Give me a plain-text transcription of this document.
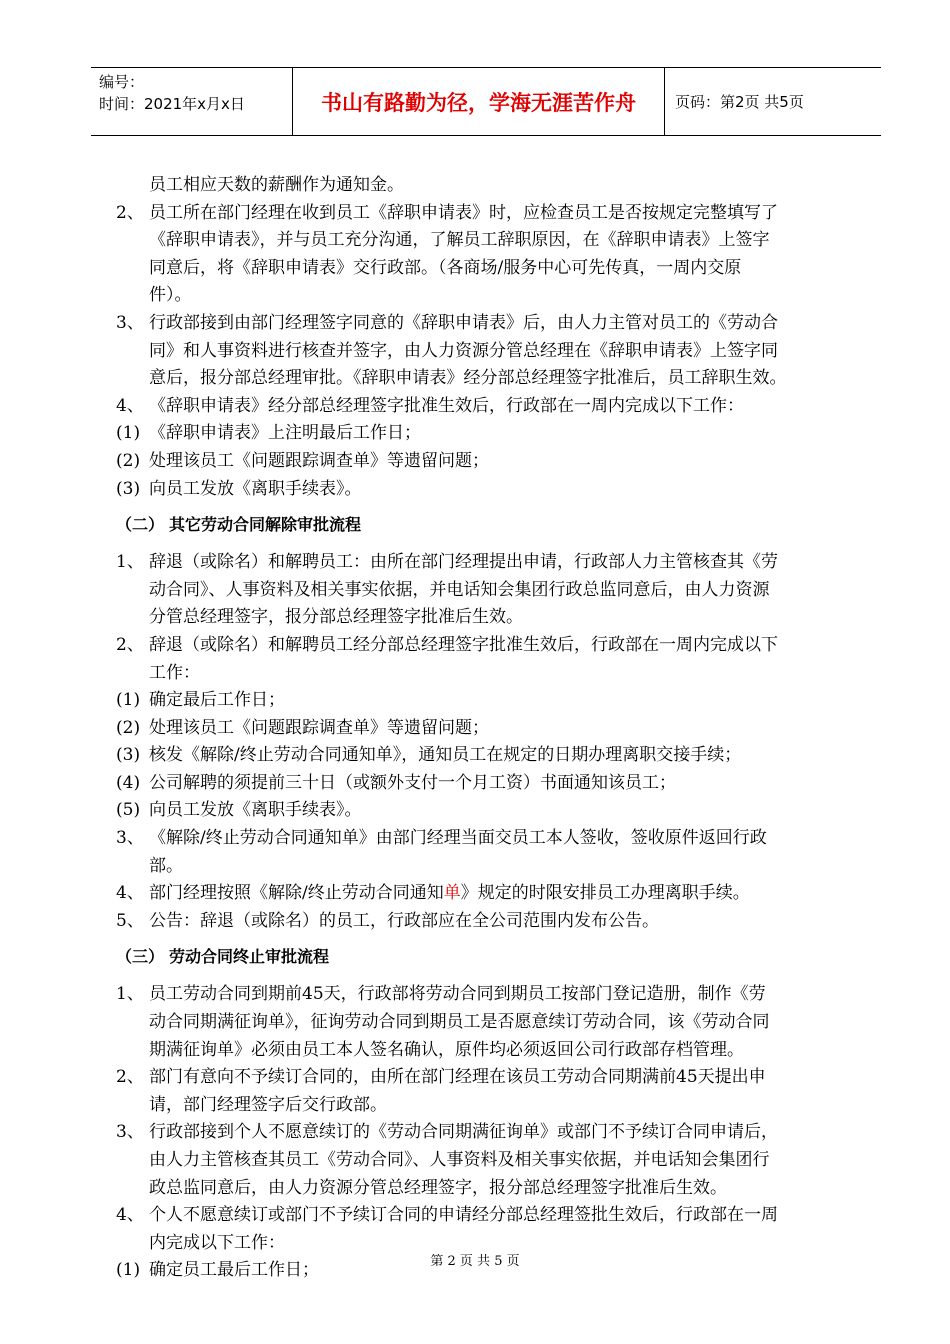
编号：
时间：2021年x月x日	书山有路勤为径，学海无涯苦作舟	页码：第2页 共5页
员工相应天数的薪酬作为通知金。
2、 员工所在部门经理在收到员工《辞职申请表》时，应检查员工是否按规定完整填写了
《辞职申请表》，并与员工充分沟通，了解员工辞职原因，在《辞职申请表》上签字
同意后，将《辞职申请表》交行政部。（各商场/服务中心可先传真，一周内交原
件）。
3、 行政部接到由部门经理签字同意的《辞职申请表》后，由人力主管对员工的《劳动合
同》和人事资料进行核查并签字，由人力资源分管总经理在《辞职申请表》上签字同
意后，报分部总经理审批。《辞职申请表》经分部总经理签字批准后，员工辞职生效。
4、 《辞职申请表》经分部总经理签字批准生效后，行政部在一周内完成以下工作：
(1) 《辞职申请表》上注明最后工作日；
(2) 处理该员工《问题跟踪调查单》等遗留问题；
(3) 向员工发放《离职手续表》。
（二） 其它劳动合同解除审批流程
1、 辞退（或除名）和解聘员工：由所在部门经理提出申请，行政部人力主管核查其《劳
动合同》、人事资料及相关事实依据，并电话知会集团行政总监同意后，由人力资源
分管总经理签字，报分部总经理签字批准后生效。
2、 辞退（或除名）和解聘员工经分部总经理签字批准生效后，行政部在一周内完成以下
工作：
(1) 确定最后工作日；
(2) 处理该员工《问题跟踪调查单》等遗留问题；
(3) 核发《解除/终止劳动合同通知单》，通知员工在规定的日期办理离职交接手续；
(4) 公司解聘的须提前三十日（或额外支付一个月工资）书面通知该员工；
(5) 向员工发放《离职手续表》。
3、 《解除/终止劳动合同通知单》由部门经理当面交员工本人签收，签收原件返回行政
部。
4、 部门经理按照《解除/终止劳动合同通知单》规定的时限安排员工办理离职手续。
5、 公告：辞退（或除名）的员工，行政部应在全公司范围内发布公告。
（三） 劳动合同终止审批流程
1、 员工劳动合同到期前45天，行政部将劳动合同到期员工按部门登记造册，制作《劳
动合同期满征询单》，征询劳动合同到期员工是否愿意续订劳动合同，该《劳动合同
期满征询单》必须由员工本人签名确认，原件均必须返回公司行政部存档管理。
2、 部门有意向不予续订合同的，由所在部门经理在该员工劳动合同期满前45天提出申
请，部门经理签字后交行政部。
3、 行政部接到个人不愿意续订的《劳动合同期满征询单》或部门不予续订合同申请后，
由人力主管核查其员工《劳动合同》、人事资料及相关事实依据，并电话知会集团行
政总监同意后，由人力资源分管总经理签字，报分部总经理签字批准后生效。
4、 个人不愿意续订或部门不予续订合同的申请经分部总经理签批生效后，行政部在一周
内完成以下工作：
(1) 确定员工最后工作日；	第 2 页 共 5 页
